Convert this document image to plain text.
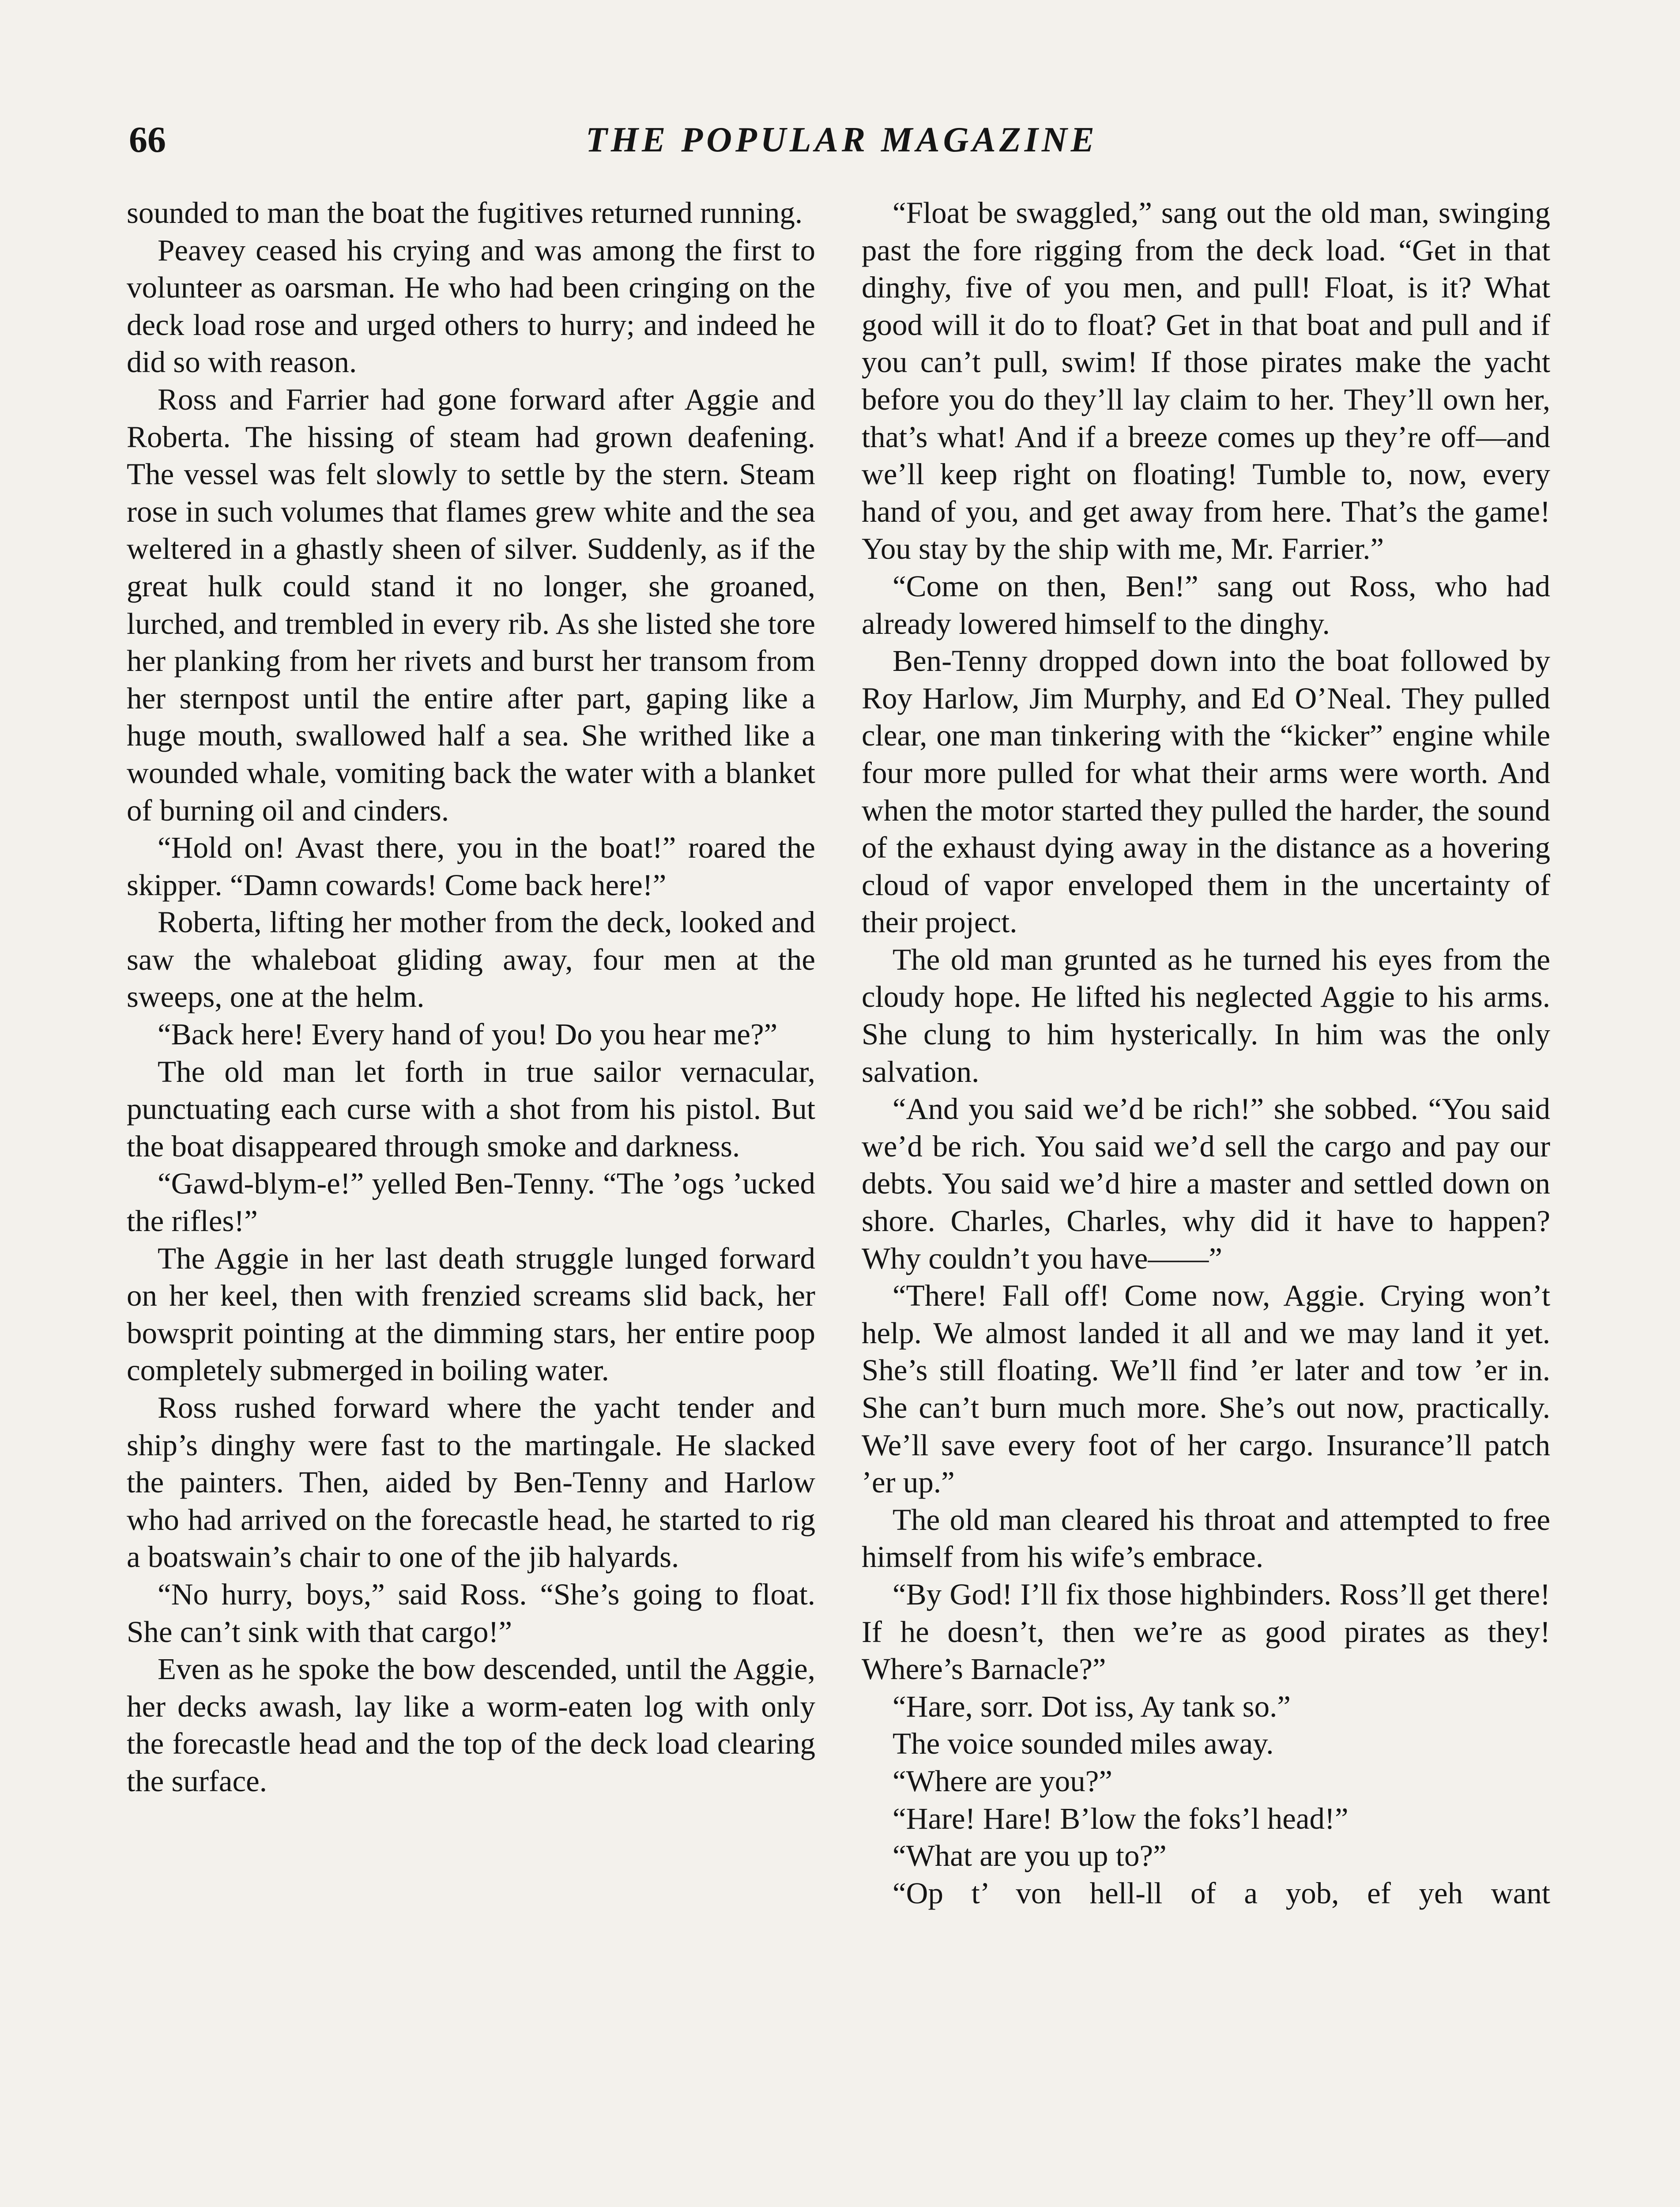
66	THE POPULAR MAGAZINE

sounded to man the boat the fugitives returned running.

Peavey ceased his crying and was among the first to volunteer as oarsman. He who had been cringing on the deck load rose and urged others to hurry; and indeed he did so with reason.

Ross and Farrier had gone forward after Aggie and Roberta. The hissing of steam had grown deafening. The vessel was felt slowly to settle by the stern. Steam rose in such volumes that flames grew white and the sea weltered in a ghastly sheen of silver. Suddenly, as if the great hulk could stand it no longer, she groaned, lurched, and trembled in every rib. As she listed she tore her planking from her rivets and burst her transom from her sternpost until the entire after part, gaping like a huge mouth, swallowed half a sea. She writhed like a wounded whale, vomiting back the water with a blanket of burning oil and cinders.

“Hold on! Avast there, you in the boat!” roared the skipper. “Damn cowards! Come back here!”

Roberta, lifting her mother from the deck, looked and saw the whaleboat gliding away, four men at the sweeps, one at the helm.

“Back here! Every hand of you! Do you hear me?”

The old man let forth in true sailor vernacular, punctuating each curse with a shot from his pistol. But the boat disappeared through smoke and darkness.

“Gawd-blym-e!” yelled Ben-Tenny. “The ’ogs ’ucked the rifles!”

The Aggie in her last death struggle lunged forward on her keel, then with frenzied screams slid back, her bowsprit pointing at the dimming stars, her entire poop completely submerged in boiling water.

Ross rushed forward where the yacht tender and ship’s dinghy were fast to the martingale. He slacked the painters. Then, aided by Ben-Tenny and Harlow who had arrived on the forecastle head, he started to rig a boatswain’s chair to one of the jib halyards.

“No hurry, boys,” said Ross. “She’s going to float. She can’t sink with that cargo!”

Even as he spoke the bow descended, until the Aggie, her decks awash, lay like a worm-eaten log with only the forecastle head and the top of the deck load clearing the surface.

“Float be swaggled,” sang out the old man, swinging past the fore rigging from the deck load. “Get in that dinghy, five of you men, and pull! Float, is it? What good will it do to float? Get in that boat and pull and if you can’t pull, swim! If those pirates make the yacht before you do they’ll lay claim to her. They’ll own her, that’s what! And if a breeze comes up they’re off—and we’ll keep right on floating! Tumble to, now, every hand of you, and get away from here. That’s the game! You stay by the ship with me, Mr. Farrier.”

“Come on then, Ben!” sang out Ross, who had already lowered himself to the dinghy.

Ben-Tenny dropped down into the boat followed by Roy Harlow, Jim Murphy, and Ed O’Neal. They pulled clear, one man tinkering with the “kicker” engine while four more pulled for what their arms were worth. And when the motor started they pulled the harder, the sound of the exhaust dying away in the distance as a hovering cloud of vapor enveloped them in the uncertainty of their project.

The old man grunted as he turned his eyes from the cloudy hope. He lifted his neglected Aggie to his arms. She clung to him hysterically. In him was the only salvation.

“And you said we’d be rich!” she sobbed. “You said we’d be rich. You said we’d sell the cargo and pay our debts. You said we’d hire a master and settled down on shore. Charles, Charles, why did it have to happen? Why couldn’t you have——”

“There! Fall off! Come now, Aggie. Crying won’t help. We almost landed it all and we may land it yet. She’s still floating. We’ll find ’er later and tow ’er in. She can’t burn much more. She’s out now, practically. We’ll save every foot of her cargo. Insurance’ll patch ’er up.”

The old man cleared his throat and attempted to free himself from his wife’s embrace.

“By God! I’ll fix those highbinders. Ross’ll get there! If he doesn’t, then we’re as good pirates as they! Where’s Barnacle?”

“Hare, sorr. Dot iss, Ay tank so.”

The voice sounded miles away.

“Where are you?”

“Hare! Hare! B’low the foks’l head!”

“What are you up to?”

“Op t’ von hell-ll of a yob, ef yeh want
